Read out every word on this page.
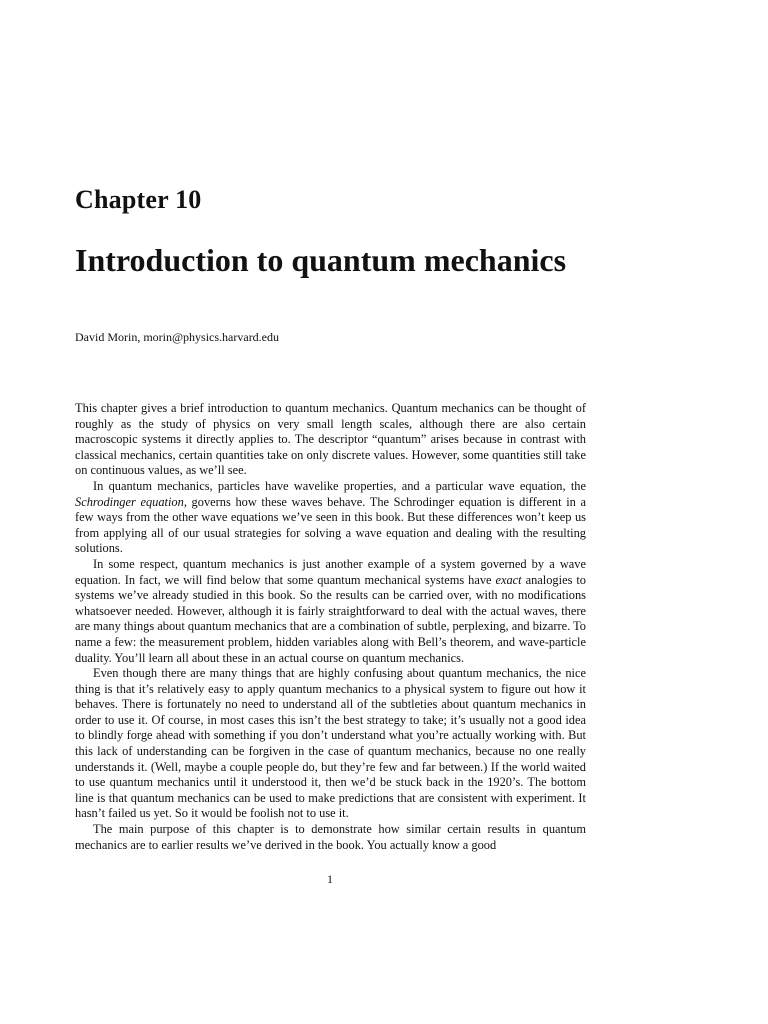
Chapter 10
Introduction to quantum mechanics
David Morin, morin@physics.harvard.edu

This chapter gives a brief introduction to quantum mechanics. Quantum mechanics can be thought of roughly as the study of physics on very small length scales, although there are also certain macroscopic systems it directly applies to. The descriptor “quantum” arises because in contrast with classical mechanics, certain quantities take on only discrete values. However, some quantities still take on continuous values, as we’ll see.

In quantum mechanics, particles have wavelike properties, and a particular wave equation, the Schrodinger equation, governs how these waves behave. The Schrodinger equation is different in a few ways from the other wave equations we’ve seen in this book. But these differences won’t keep us from applying all of our usual strategies for solving a wave equation and dealing with the resulting solutions.

In some respect, quantum mechanics is just another example of a system governed by a wave equation. In fact, we will find below that some quantum mechanical systems have exact analogies to systems we’ve already studied in this book. So the results can be carried over, with no modifications whatsoever needed. However, although it is fairly straightforward to deal with the actual waves, there are many things about quantum mechanics that are a combination of subtle, perplexing, and bizarre. To name a few: the measurement problem, hidden variables along with Bell’s theorem, and wave-particle duality. You’ll learn all about these in an actual course on quantum mechanics.

Even though there are many things that are highly confusing about quantum mechanics, the nice thing is that it’s relatively easy to apply quantum mechanics to a physical system to figure out how it behaves. There is fortunately no need to understand all of the subtleties about quantum mechanics in order to use it. Of course, in most cases this isn’t the best strategy to take; it’s usually not a good idea to blindly forge ahead with something if you don’t understand what you’re actually working with. But this lack of understanding can be forgiven in the case of quantum mechanics, because no one really understands it. (Well, maybe a couple people do, but they’re few and far between.) If the world waited to use quantum mechanics until it understood it, then we’d be stuck back in the 1920’s. The bottom line is that quantum mechanics can be used to make predictions that are consistent with experiment. It hasn’t failed us yet. So it would be foolish not to use it.

The main purpose of this chapter is to demonstrate how similar certain results in quantum mechanics are to earlier results we’ve derived in the book. You actually know a good

1
